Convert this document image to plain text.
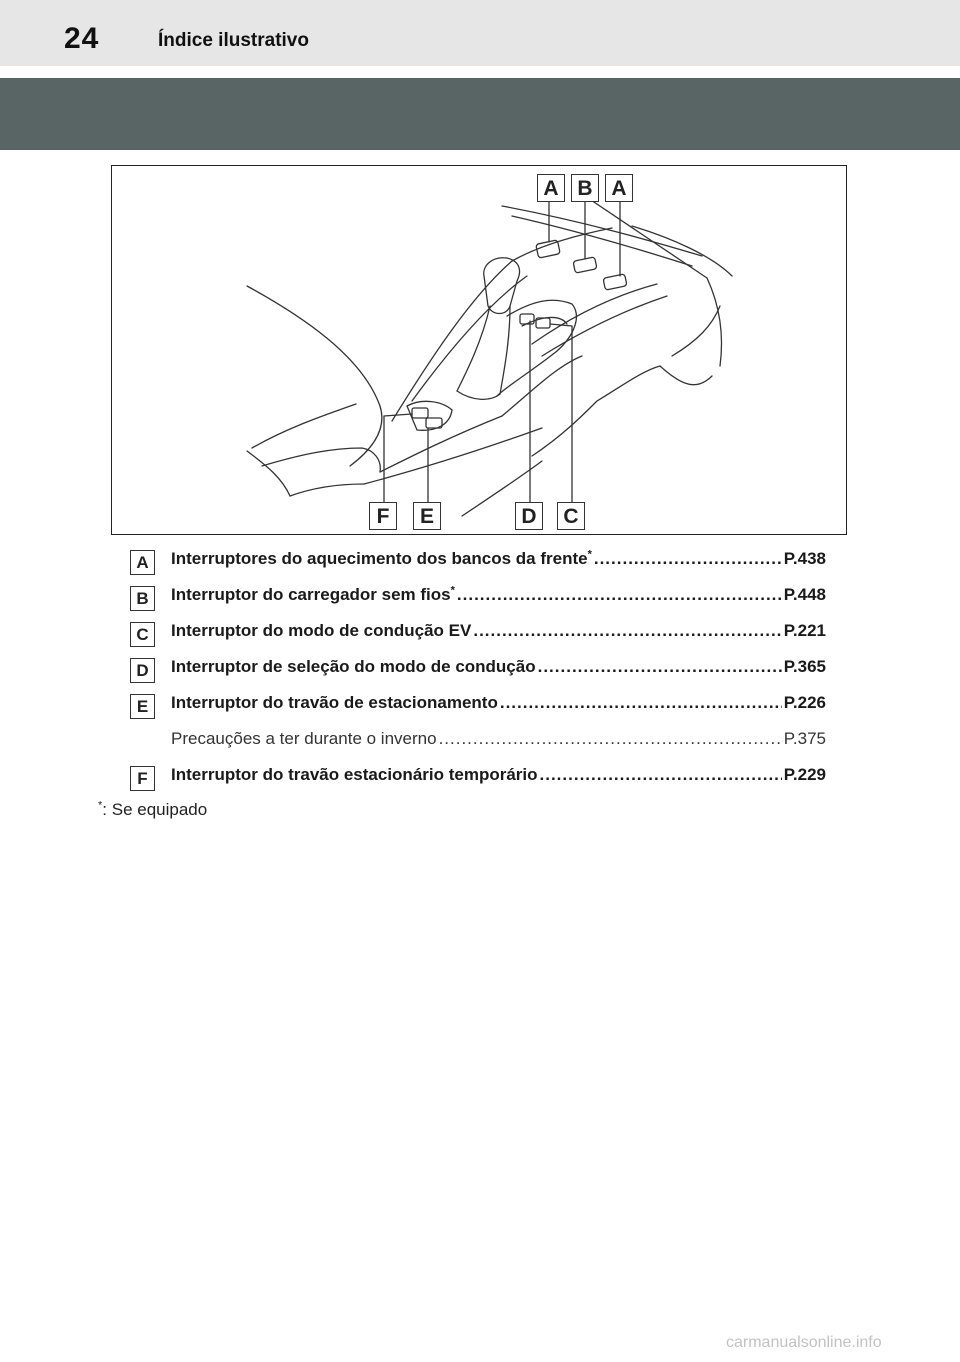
24	Índice ilustrativo
A B A
F	E	D	C
A	Interruptores do aquecimento dos bancos da frente* .....	P.438
B	Interruptor do carregador sem fios* .....	P.448
C	Interruptor do modo de condução EV .....	P.221
D	Interruptor de seleção do modo de condução .....	P.365
E	Interruptor do travão de estacionamento .....	P.226
Precauções a ter durante o inverno .....	P.375
F	Interruptor do travão estacionário temporário .....	P.229
*: Se equipado
carmanualsonline.info
